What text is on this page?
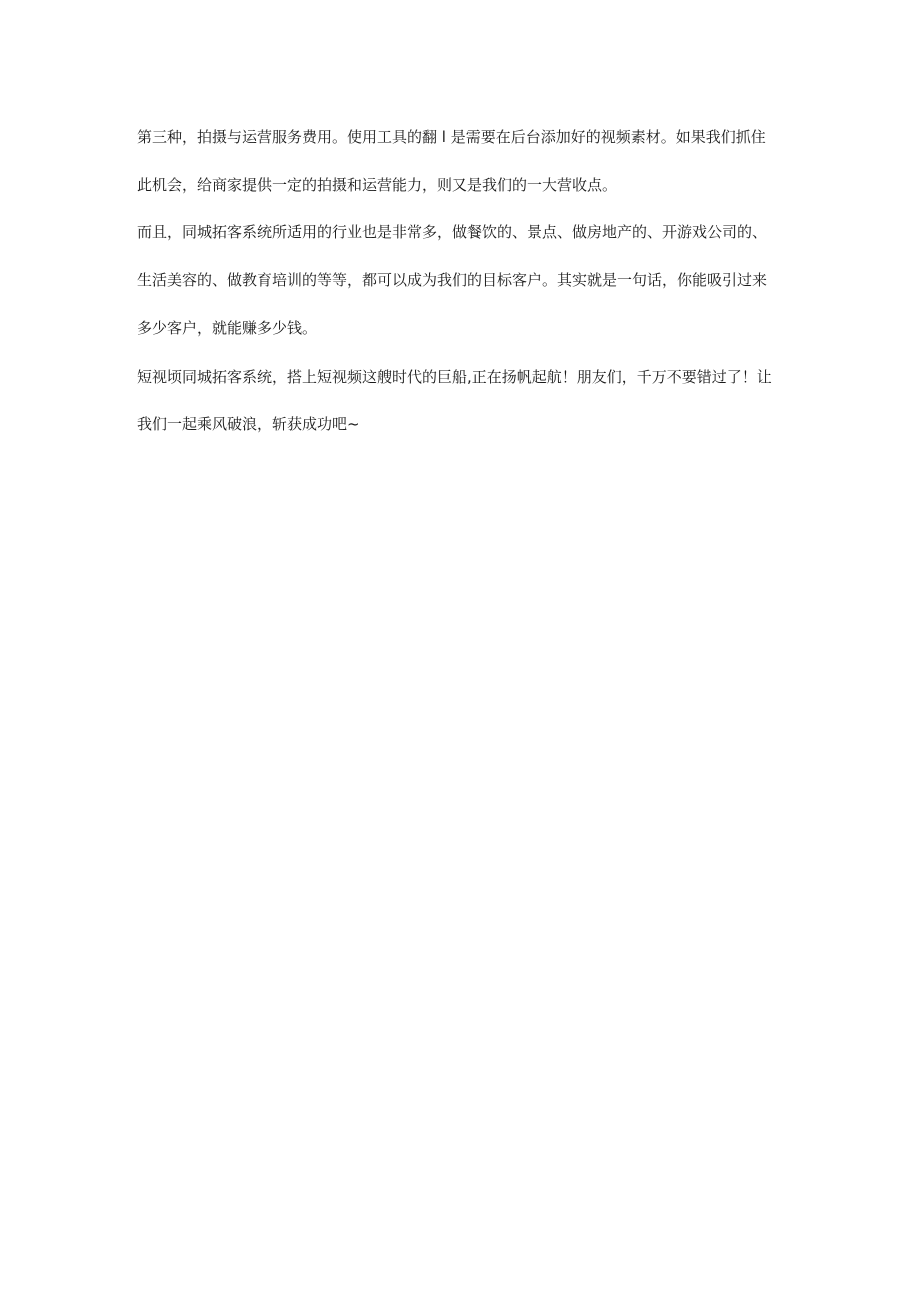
第三种，拍摄与运营服务费用。使用工具的翻 l 是需要在后台添加好的视频素材。如果我们抓住

此机会，给商家提供一定的拍摄和运营能力，则又是我们的一大营收点。

而且，同城拓客系统所适用的行业也是非常多，做餐饮的、景点、做房地产的、开游戏公司的、

生活美容的、做教育培训的等等，都可以成为我们的目标客户。其实就是一句话，你能吸引过来

多少客户，就能赚多少钱。

短视顷同城拓客系统，搭上短视频这艘时代的巨船,正在扬帆起航！朋友们，千万不要错过了！让

我们一起乘风破浪，斩获成功吧~
